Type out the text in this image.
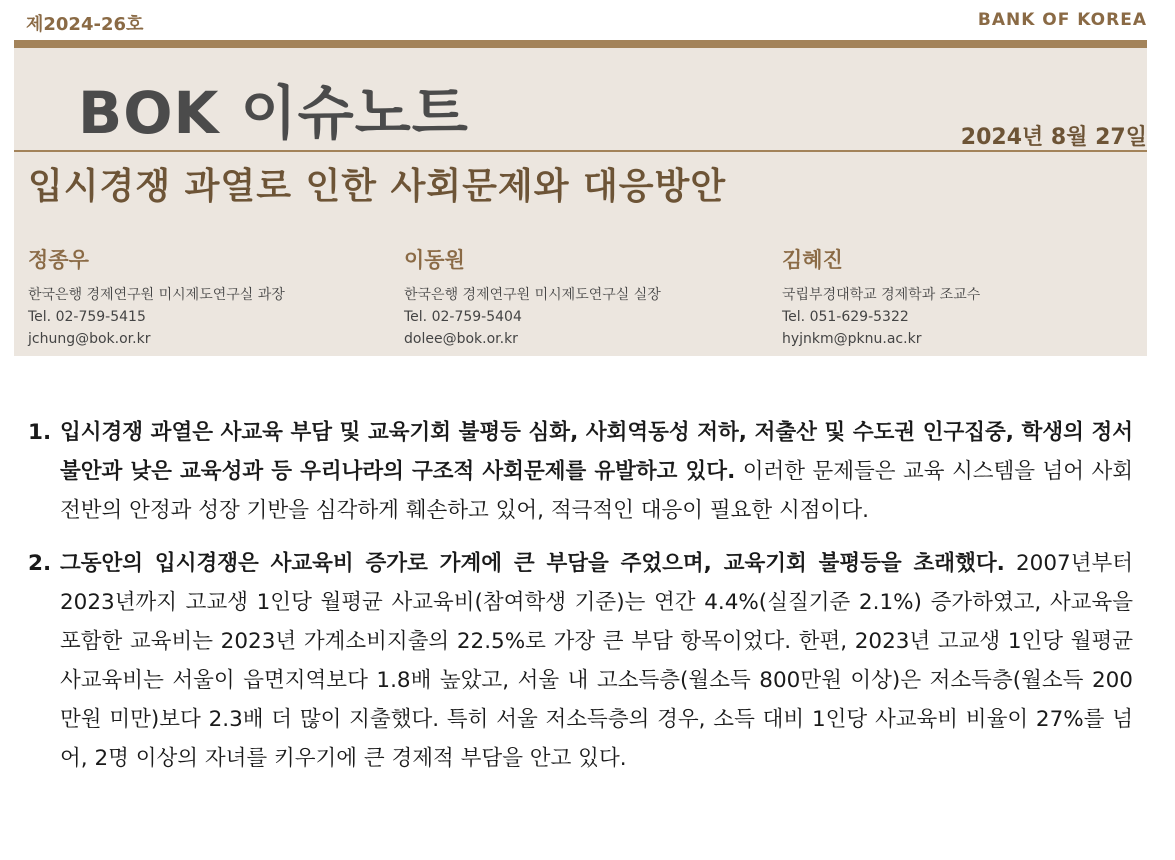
제2024-26호	BANK OF KOREA
BOK 이슈노트	2024년 8월 27일
입시경쟁 과열로 인한 사회문제와 대응방안
정종우
한국은행 경제연구원 미시제도연구실 과장
Tel. 02-759-5415
jchung@bok.or.kr
이동원
한국은행 경제연구원 미시제도연구실 실장
Tel. 02-759-5404
dolee@bok.or.kr
김혜진
국립부경대학교 경제학과 조교수
Tel. 051-629-5322
hyjnkm@pknu.ac.kr
1. 입시경쟁 과열은 사교육 부담 및 교육기회 불평등 심화, 사회역동성 저하, 저출산 및 수도권 인구집중, 학생의 정서불안과 낮은 교육성과 등 우리나라의 구조적 사회문제를 유발하고 있다. 이러한 문제들은 교육 시스템을 넘어 사회 전반의 안정과 성장 기반을 심각하게 훼손하고 있어, 적극적인 대응이 필요한 시점이다.
2. 그동안의 입시경쟁은 사교육비 증가로 가계에 큰 부담을 주었으며, 교육기회 불평등을 초래했다. 2007년부터 2023년까지 고교생 1인당 월평균 사교육비(참여학생 기준)는 연간 4.4%(실질기준 2.1%) 증가하였고, 사교육을 포함한 교육비는 2023년 가계소비지출의 22.5%로 가장 큰 부담 항목이었다. 한편, 2023년 고교생 1인당 월평균 사교육비는 서울이 읍면지역보다 1.8배 높았고, 서울 내 고소득층(월소득 800만원 이상)은 저소득층(월소득 200만원 미만)보다 2.3배 더 많이 지출했다. 특히 서울 저소득층의 경우, 소득 대비 1인당 사교육비 비율이 27%를 넘어, 2명 이상의 자녀를 키우기에 큰 경제적 부담을 안고 있다.
